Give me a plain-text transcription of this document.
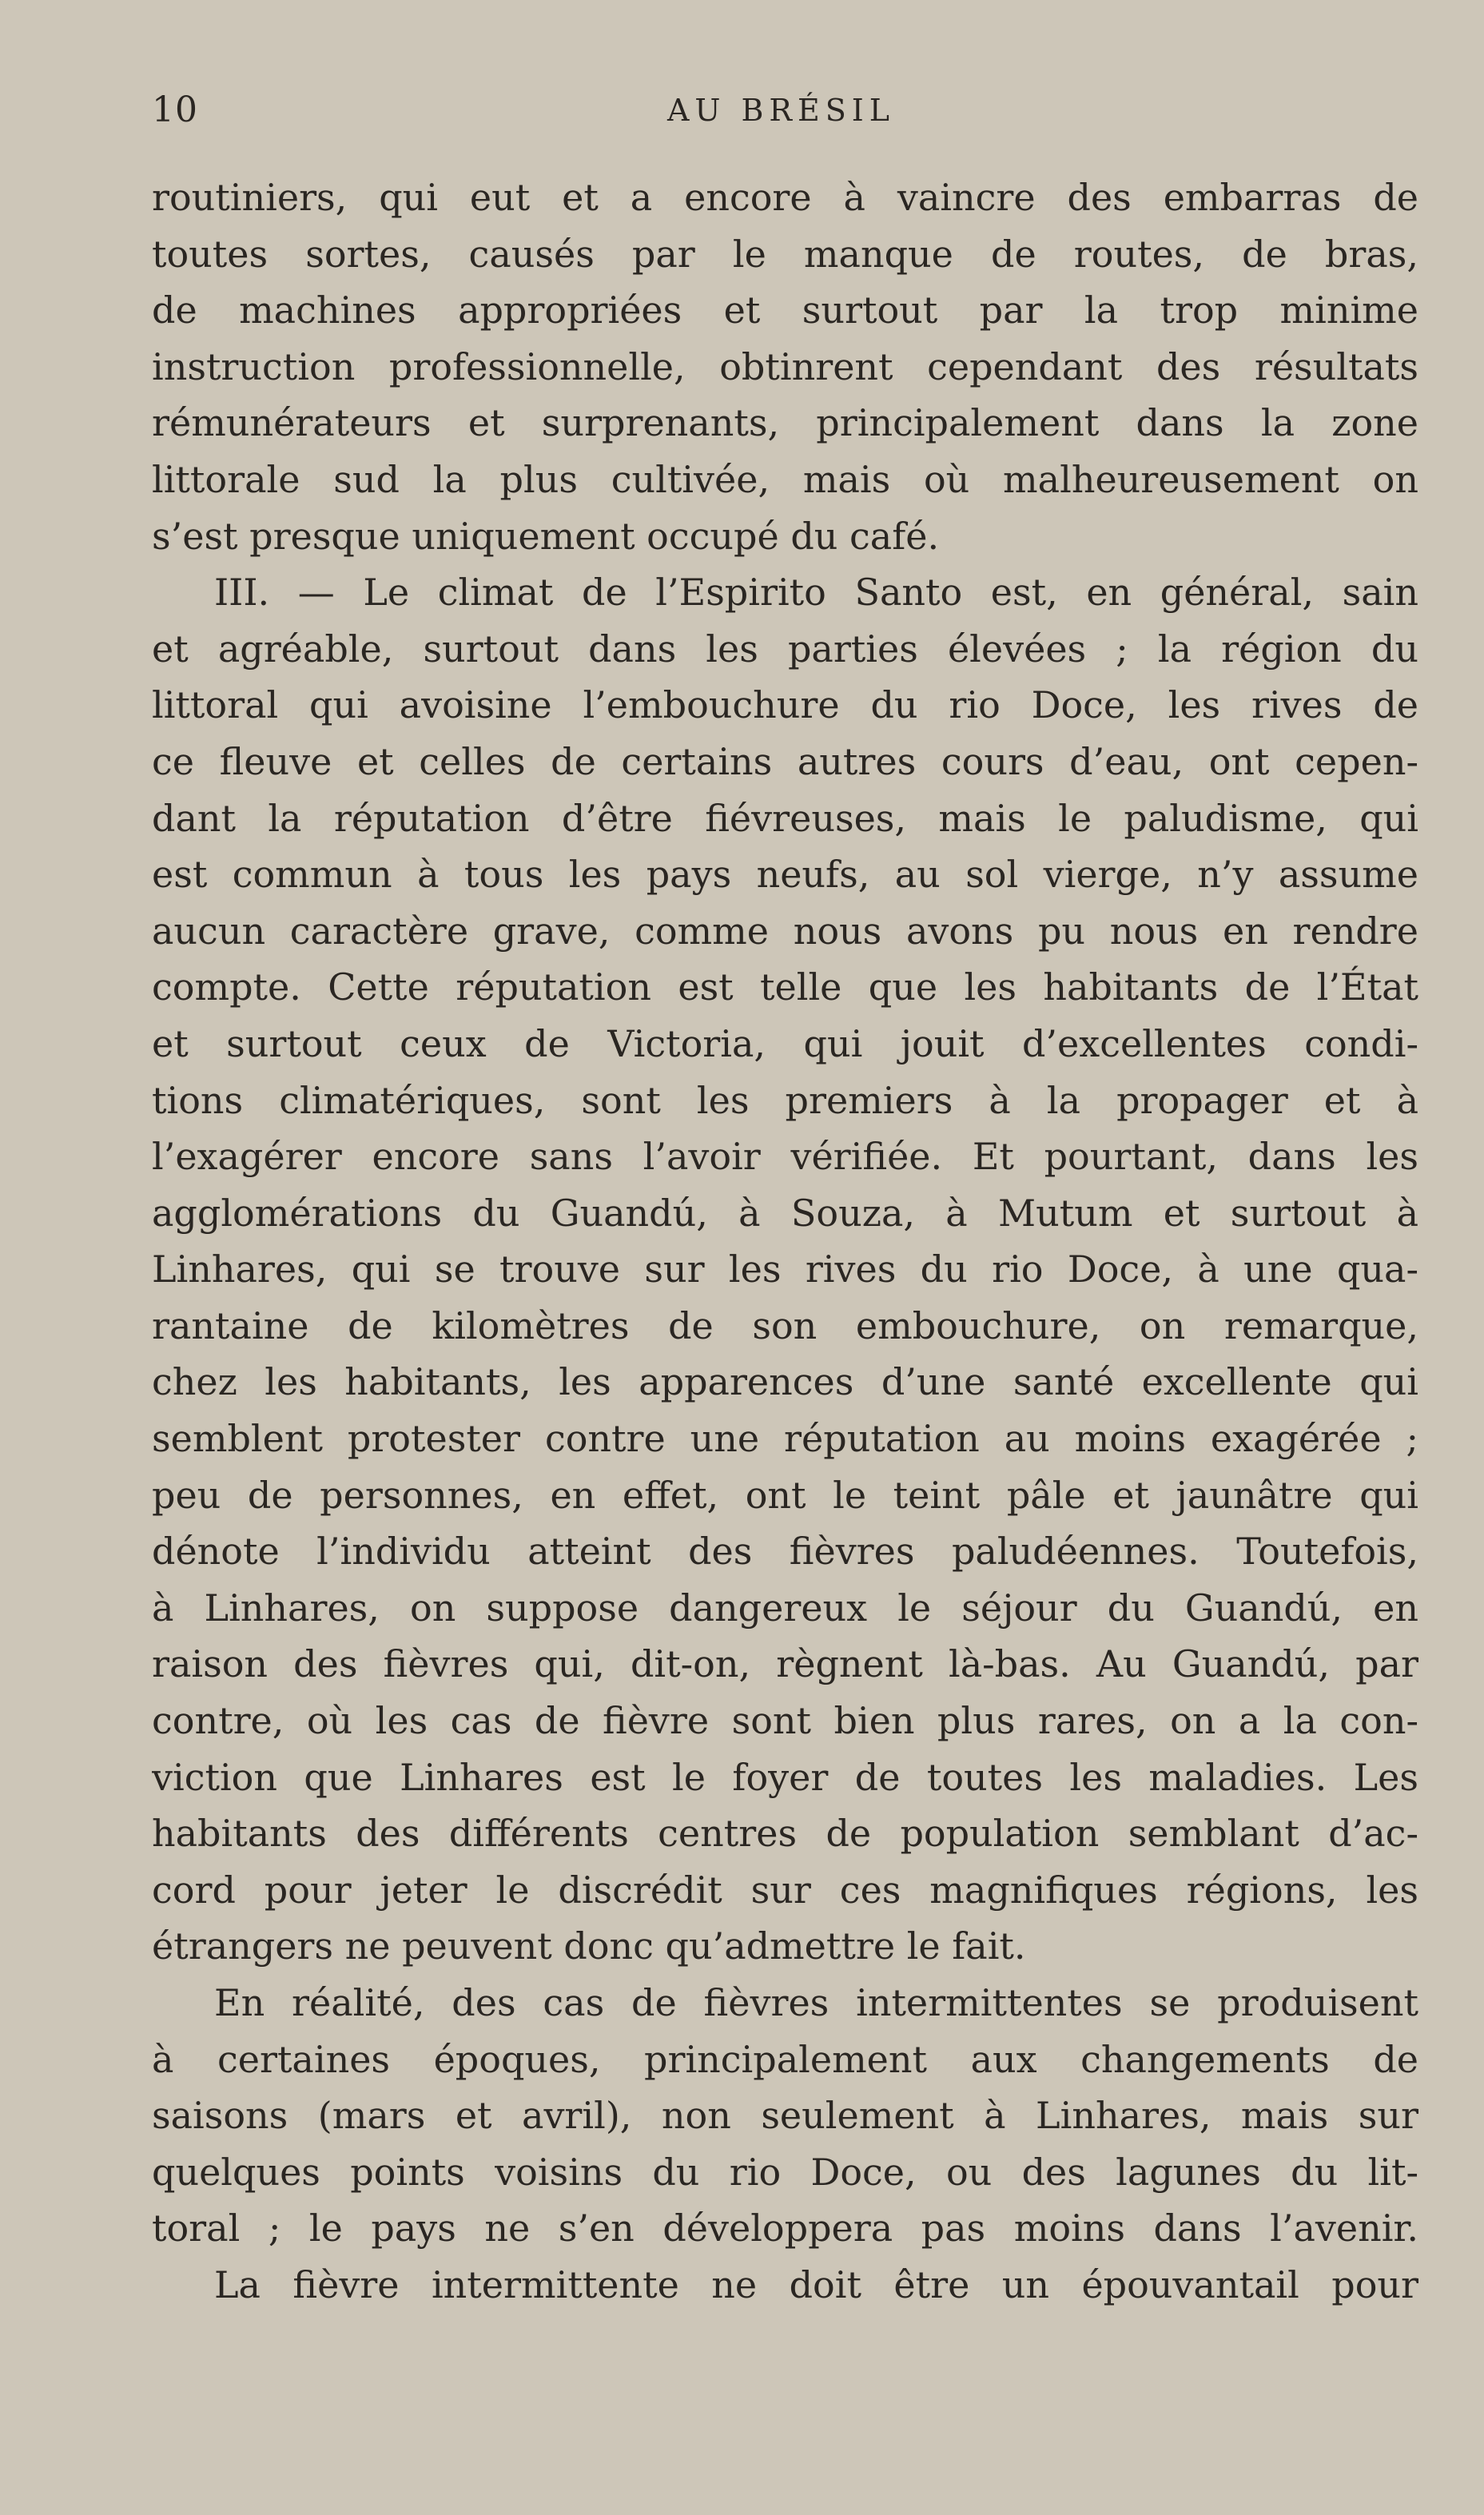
10	AU BRÉSIL
routiniers, qui eut et a encore à vaincre des embarras de
toutes sortes, causés par le manque de routes, de bras,
de machines appropriées et surtout par la trop minime
instruction professionnelle, obtinrent cependant des résultats
rémunérateurs et surprenants, principalement dans la zone
littorale sud la plus cultivée, mais où malheureusement on
s’est presque uniquement occupé du café.
III. — Le climat de l’Espirito Santo est, en général, sain
et agréable, surtout dans les parties élevées ; la région du
littoral qui avoisine l’embouchure du rio Doce, les rives de
ce fleuve et celles de certains autres cours d’eau, ont cepen-
dant la réputation d’être fiévreuses, mais le paludisme, qui
est commun à tous les pays neufs, au sol vierge, n’y assume
aucun caractère grave, comme nous avons pu nous en rendre
compte. Cette réputation est telle que les habitants de l’État
et surtout ceux de Victoria, qui jouit d’excellentes condi-
tions climatériques, sont les premiers à la propager et à
l’exagérer encore sans l’avoir vérifiée. Et pourtant, dans les
agglomérations du Guandú, à Souza, à Mutum et surtout à
Linhares, qui se trouve sur les rives du rio Doce, à une qua-
rantaine de kilomètres de son embouchure, on remarque,
chez les habitants, les apparences d’une santé excellente qui
semblent protester contre une réputation au moins exagérée ;
peu de personnes, en effet, ont le teint pâle et jaunâtre qui
dénote l’individu atteint des fièvres paludéennes. Toutefois,
à Linhares, on suppose dangereux le séjour du Guandú, en
raison des fièvres qui, dit-on, règnent là-bas. Au Guandú, par
contre, où les cas de fièvre sont bien plus rares, on a la con-
viction que Linhares est le foyer de toutes les maladies. Les
habitants des différents centres de population semblant d’ac-
cord pour jeter le discrédit sur ces magnifiques régions, les
étrangers ne peuvent donc qu’admettre le fait.
En réalité, des cas de fièvres intermittentes se produisent
à certaines époques, principalement aux changements de
saisons (mars et avril), non seulement à Linhares, mais sur
quelques points voisins du rio Doce, ou des lagunes du lit-
toral ; le pays ne s’en développera pas moins dans l’avenir.
La fièvre intermittente ne doit être un épouvantail pour
